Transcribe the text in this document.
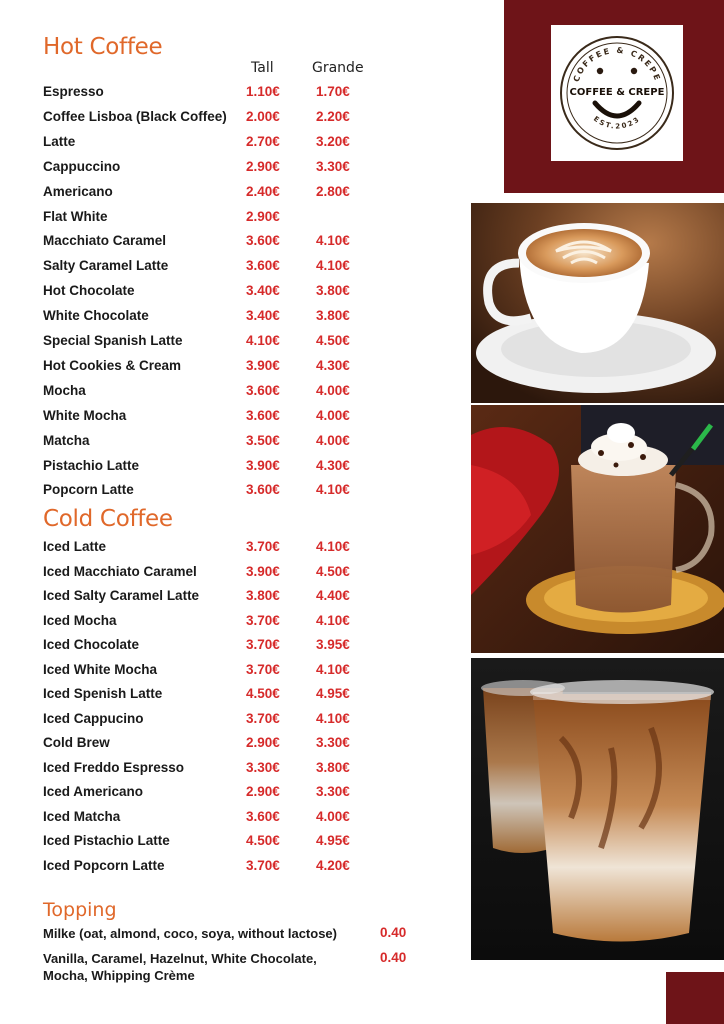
COFFEE & CREPE
COFFEE & CREPE
EST.2023
Hot Coffee
Tall	Grande
Espresso	1.10€	1.70€
Coffee Lisboa (Black Coffee) 2.00€	2.20€
Latte	2.70€	3.20€
Cappuccino	2.90€	3.30€
Americano	2.40€	2.80€
Flat White	2.90€
Macchiato Caramel	3.60€	4.10€
Salty Caramel Latte	3.60€	4.10€
Hot Chocolate	3.40€	3.80€
White Chocolate	3.40€	3.80€
Special Spanish Latte	4.10€	4.50€
Hot Cookies & Cream	3.90€	4.30€
Mocha	3.60€	4.00€
White Mocha	3.60€	4.00€
Matcha	3.50€	4.00€
Pistachio Latte	3.90€	4.30€
Popcorn Latte	3.60€	4.10€
Cold Coffee
Iced Latte	3.70€	4.10€
Iced Macchiato Caramel	3.90€	4.50€
Iced Salty Caramel Latte	3.80€	4.40€
Iced Mocha	3.70€	4.10€
Iced Chocolate	3.70€	3.95€
Iced White Mocha	3.70€	4.10€
Iced Spenish Latte	4.50€	4.95€
Iced Cappucino	3.70€	4.10€
Cold Brew	2.90€	3.30€
Iced Freddo Espresso	3.30€	3.80€
Iced Americano	2.90€	3.30€
Iced Matcha	3.60€	4.00€
Iced Pistachio Latte	4.50€	4.95€
Iced Popcorn Latte	3.70€	4.20€
Topping
Milke (oat, almond, coco, soya, without lactose)	0.40
Vanilla, Caramel, Hazelnut, White Chocolate, Mocha, Whipping Crème
0.40
